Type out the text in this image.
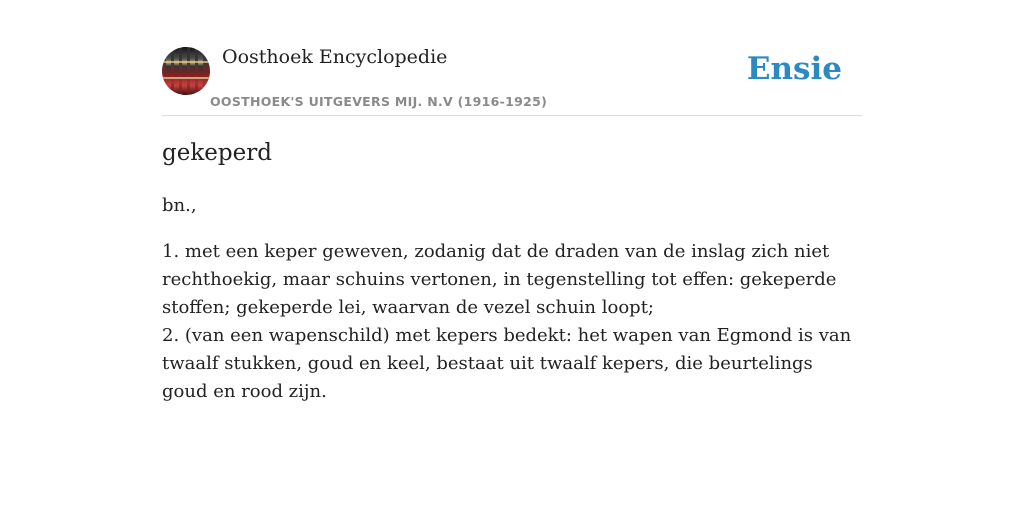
Oosthoek Encyclopedie
OOSTHOEK'S UITGEVERS MIJ. N.V (1916-1925)
Ensie
gekeperd
bn.,

1. met een keper geweven, zodanig dat de draden van de inslag zich niet rechthoekig, maar schuins vertonen, in tegenstelling tot effen: gekeperde stoffen; gekeperde lei, waarvan de vezel schuin loopt;

2. (van een wapenschild) met kepers bedekt: het wapen van Egmond is van twaalf stukken, goud en keel, bestaat uit twaalf kepers, die beurtelings goud en rood zijn.
